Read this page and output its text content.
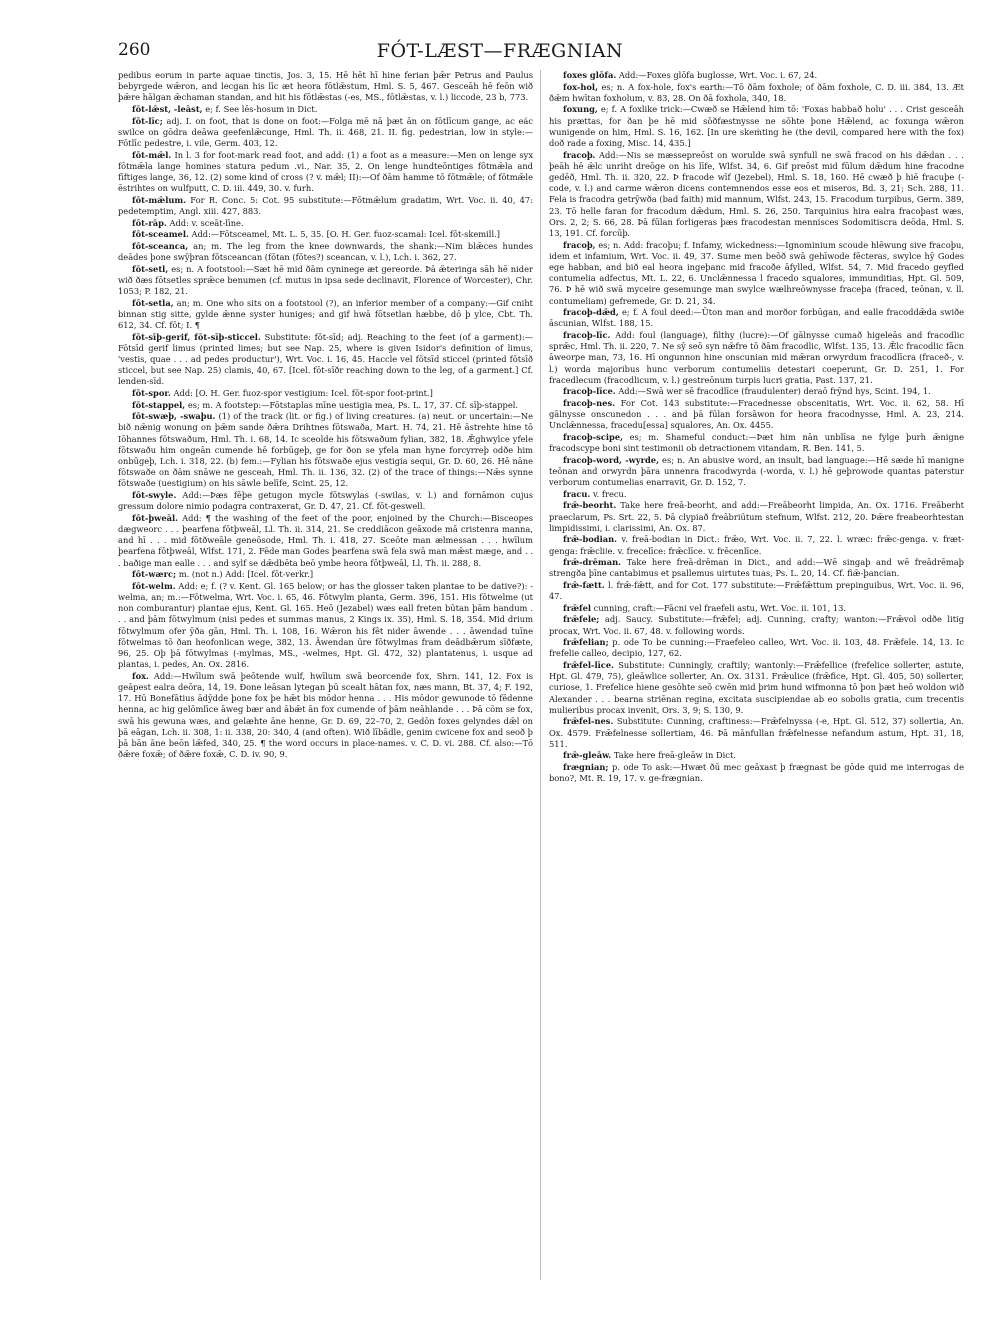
260	FÓT-LÆST—FRÆGNIAN

pedibus eorum in parte aquae tinctis, Jos. 3, 15. Hē hēt hī hine ferian þǣr Petrus and Paulus bebyrgede wǣron, and lecgan his līc æt heora fōtlǣstum, Hml. S. 5, 467. Gesceāh hē feōn wið þǣre hālgan ǣchaman standan, and hit his fōtlǣstas (-es, MS., fōtlǣstas, v. l.) liccode, 23 b, 773.

fōt-lǣst, -leāst, e; f. See lēs-hosum in Dict.

fōt-līc; adj. I. on foot, that is done on foot:—Folga mē nā þæt ān on fōtlīcum gange, ac eác swilce on gōdra deāwa geefenlǣcunge, Hml. Th. ii. 468, 21. II. fig. pedestrian, low in style:—Fōtlīc pedestre, i. vile, Germ. 403, 12.

fōt-mǣl. In l. 3 for foot-mark read foot, and add: (1) a foot as a measure:—Men on lenge syx fōtmǣla lange homines statura pedum .vi., Nar. 35, 2. On lenge hundteōntiges fōtmǣla and fīftiges lange, 36, 12. (2) some kind of cross (? v. mǣl; II):—Of ðām hamme tō fōtmǣle; of fōtmǣle ēstrihtes on wulfputt, C. D. iii. 449, 30. v. furh.

fōt-mǣlum. For R. Conc. 5: Cot. 95 substitute:—Fōtmǣlum gradatim, Wrt. Voc. ii. 40, 47: pedetemptim, Angl. xiii. 427, 883.

fōt-rāp. Add: v. sceāt-līne.

fōt-sceamel. Add:—Fōtsceamel, Mt. L. 5, 35. [O. H. Ger. fuoz-scamal: Icel. fōt-skemill.]

fōt-sceanca, an; m. The leg from the knee downwards, the shank:—Nim blǣces hundes deādes þone swȳþran fōtsceancan (fōtan (fōtes?) sceancan, v. l.), Lch. i. 362, 27.

fōt-setl, es; n. A footstool:—Sæt hē mid ðām cyninege æt gereorde. Þā ǣteringa sāh hē nider wið ðæs fōtsetles sprǣce benumen (cf. mutus in ipsa sede declinavit, Florence of Worcester), Chr. 1053; P. 182, 21.

fōt-setla, an; m. One who sits on a footstool (?), an inferior member of a company:—Gif cniht binnan stig sitte, gylde ǣnne syster huniges; and gif hwā fōtsetlan hæbbe, dō þ ylce, Cbt. Th. 612, 34. Cf. fōt; I. ¶

fōt-sīþ-gerif, fōt-sīþ-sticcel. Substitute: fōt-sīd; adj. Reaching to the feet (of a garment):—Fōtsīd gerif limus (printed limes; but see Nap. 25, where is given Isidor's definition of limus, 'vestis, quae . . . ad pedes productur'), Wrt. Voc. i. 16, 45. Haccle vel fōtsīd sticcel (printed fōtsīð sticcel, but see Nap. 25) clamis, 40, 67. [Icel. fōt-sīðr reaching down to the leg, of a garment.] Cf. lenden-sīd.

fōt-spor. Add: [O. H. Ger. fuoz-spor vestigium: Icel. fōt-spor foot-print.]

fōt-stappel, es; m. A footstep:—Fōtstaplas mīne uestigia mea, Ps. L. 17, 37. Cf. sīþ-stappel.

fōt-swæþ, -swaþu. (1) of the track (lit. or fig.) of living creatures. (a) neut. or uncertain:—Ne bið nǣnig wonung on þǣm sande ðǣra Drihtnes fōtswaða, Mart. H. 74, 21. Hē āstrehte hine tō Iōhannes fōtswaðum, Hml. Th. i. 68, 14. Ic sceolde his fōtswaðum fylian, 382, 18. Ǣghwylce yfele fōtswaðu him ongeān cumende hē forbūgeþ, ge for ðon se yfela man hyne forcyrreþ odðe him onbūgeþ, Lch. i. 318, 22. (b) fem.:—Fylian his fōtswaðe ejus vestigia sequi, Gr. D. 60, 26. Hē nāne fōtswaðe on ðām snāwe ne gesceah, Hml. Th. ii. 136, 32. (2) of the trace of things:—Nǣs synne fōtswaðe (uestigium) on his sāwle belīfe, Scint. 25, 12.

fōt-swyle. Add:—Þæs fēþe getugon mycle fōtswylas (-swilas, v. l.) and fornāmon cujus gressum dolore nimio podagra contraxerat, Gr. D. 47, 21. Cf. fōt-geswell.

fōt-þweāl. Add: ¶ the washing of the feet of the poor, enjoined by the Church:—Bisceopes dægweorc . . . þearfena fōtþweāl, Ll. Th. ii. 314, 21. Se creddiācon geāxode mā cristenra manna, and hī . . . mid fōtðweāle geneōsode, Hml. Th. i. 418, 27. Sceōte man ælmessan . . . hwīlum þearfena fōtþweāl, Wlfst. 171, 2. Fēde man Godes þearfena swā fela swā man mǣst mæge, and . . . baðige man ealle . . . and sylf se dǣdbēta beō ymbe heora fōtþweāl, Ll. Th. ii. 288, 8.

fōt-wærc; m. (not n.) Add: [Icel. fōt-verkr.]

fōt-welm. Add: e; f. (? v. Kent. Gl. 165 below; or has the glosser taken plantae to be dative?): -welma, an; m.:—Fōtwelma, Wrt. Voc. i. 65, 46. Fōtwylm planta, Germ. 396, 151. His fōtwelme (ut non comburantur) plantae ejus, Kent. Gl. 165. Heō (Jezabel) wæs eall freten būtan þām handum . . . and þām fōtwylmum (nisi pedes et summas manus, 2 Kings ix. 35), Hml. S. 18, 354. Mid drium fōtwylmum ofer ȳða gān, Hml. Th. i. 108, 16. Wǣron his fēt nider āwende . . . āwendad tuīne fōtwelmas tō ðan heofonlican wege, 382, 13. Āwendan ūre fōtwylmas fram deādbǣrum sīðfæte, 96, 25. Oþ þā fōtwylmas (-mylmas, MS., -welmes, Hpt. Gl. 472, 32) plantatenus, i. usque ad plantas, i. pedes, An. Ox. 2816.

fox. Add:—Hwīlum swā þeōtende wulf, hwīlum swā beorcende fox, Shrn. 141, 12. Fox is geāpest ealra deōra, 14, 19. Ðone leāsan lytegan þū scealt hātan fox, næs mann, Bt. 37, 4; F. 192, 17. Hū Bonefātius ādȳdde þone fox þe hǣt bis mōdor henna . . . His mōdor gewunode tō fēdenne henna, ac hig gelōmlīce āweg bær and ābǣt ān fox cumende of þām neāhlande . . . Þā cōm se fox, swā his gewuna wæs, and gelæhte āne henne, Gr. D. 69, 22–70, 2. Gedōn foxes gelyndes dǣl on þā eāgan, Lch. ii. 308, 1: ii. 338, 20: 340, 4 (and often). Wið lībādle, genim cwicene fox and seoð þ þā bān āne beōn lǣfed, 340, 25. ¶ the word occurs in place-names. v. C. D. vi. 288. Cf. also:—Tō ðǣre foxǣ; of ðǣre foxǣ, C. D. iv. 90, 9.

foxes glōfa. Add:—Foxes glōfa buglosse, Wrt. Voc. i. 67, 24.

fox-hol, es; n. A fox-hole, fox's earth:—Tō ðām foxhole; of ðām foxhole, C. D. iii. 384, 13. Æt ðǣm hwītan foxholum, v. 83, 28. On ðā foxhola, 340, 18.

foxung, e; f. A foxlike trick:—Cwæð se Hǣlend him tō: 'Foxas habbað holu' . . . Crist gesceāh his prættas, for ðan þe hē mid sōðfæstnysse ne sōhte þone Hǣlend, ac foxunga wǣron wunigende on him, Hml. S. 16, 162. [In ure skeṁting he (the devil, compared here with the fox) doð rade a foxing, Misc. 14, 435.]

fracoþ. Add:—Nis se mæssepreōst on worulde swā synfull ne swā fracod on his dǣdan . . . þeāh hē ǣlc unriht dreōge on his līfe, Wlfst. 34, 6. Gif preōst mid fūlum dǣdum hine fracodne gedēð, Hml. Th. ii. 320, 22. Þ fracode wīf (Jezebel), Hml. S. 18, 160. Hē cwæð þ hiē fracuþe (-code, v. l.) and carme wǣron dicens contemnendos esse eos et miseros, Bd. 3, 21; Sch. 288, 11. Fela is fracodra getrȳwða (bad faith) mid mannum, Wlfst. 243, 15. Fracodum turpibus, Germ. 389, 23. Tō helle faran for fracodum dǣdum, Hml. S. 26, 250. Tarquinius hira ealra fracoþast wæs, Ors. 2, 2; S. 66, 28. Þā fūlan forligeras þæs fracodestan mennisces Sodomitiscra deōda, Hml. S. 13, 191. Cf. forcūþ.

fracoþ, es; n. Add: fracoþu; f. Infamy, wickedness:—Ignominium scoude hlēwung sive fracoþu, idem et infamium, Wrt. Voc. ii. 49, 37. Sume men beōð swā gehīwode fēcteras, swylce hȳ Godes ege habban, and bið eal heora ingeþanc mid fracoðe āfylled, Wlfst. 54, 7. Mid fracedo geyfled contumelia adfectus, Mt. L. 22, 6. Unclǣnnessa l fracedo squalores, immunditias, Hpt. Gl. 509, 76. Þ hē wið swā myceire gesemunge man swylce wælhreōwnysse fraceþa (fraced, teōnan, v. ll. contumeliam) gefremede, Gr. D. 21, 34.

fracoþ-dǣd, e; f. A foul deed:—Ūton man and morðor forbūgan, and ealle fracoddǣda swiðe āscunian, Wlfst. 188, 15.

fracoþ-līc. Add: foul (language), filthy (lucre):—Of gālnysse cumað higeleās and fracodlic sprǣc, Hml. Th. ii. 220, 7. Ne sȳ seō syn nǣfre tō ðām fracodlic, Wlfst. 135, 13. Ǣlc fracodlic fācn āweorpe man, 73, 16. Hī ongunnon hine onscunian mid mǣran orwyrdum fracodlīcra (fraceð-, v. l.) worda majoribus hunc verborum contumeliis detestari coeperunt, Gr. D. 251, 1. For fracedlecum (fracodlicum, v. l.) gestreōnum turpis lucri gratia, Past. 137, 21.

fracoþ-līce. Add:—Swā wer sē fracodlīce (fraudulenter) deraō frȳnd hys, Scint. 194, 1.

fracoþ-nes. For Cot. 143 substitute:—Fracednesse obscenitatis, Wrt. Voc. ii. 62, 58. Hī gālnysse onscunedon . . . and þā fūlan forsāwon for heora fracodnysse, Hml. A. 23, 214. Unclǣnnessa, fracedu[essa] squalores, An. Ox. 4455.

fracoþ-scipe, es; m. Shameful conduct:—Þæt him nān unblīsa ne fylge þurh ǣnigne fracodscype boni sint testimonii ob detractionem vitandam, R. Ben. 141, 5.

fracoþ-word, -wyrde, es; n. An abusive word, an insult, bad language:—Hē sæde hī manigne teōnan and orwyrdn þāra unnenra fracodwyrda (-worda, v. l.) hē geþrowode quantas paterstur verborum contumelias enarravit, Gr. D. 152, 7.

fracu. v. frecu.

frǣ-beorht. Take here freā-beorht, and add:—Freābeorht limpida, An. Ox. 1716. Freāberht praeclarum, Ps. Srt. 22, 5. Þā clypiað freābriūtum stefnum, Wlfst. 212, 20. Þǣre freabeorhtestan limpidissimi, i. clarissimi, An. Ox. 87.

frǣ-bodian. v. freā-bodian in Dict.: frǣo, Wrt. Voc. ii. 7, 22. l. wræc: frǣc-genga. v. fræt-genga: frǣcliǀe. v. frecelīce: frǣclīce. v. frēcenlīce.

frǣ-drēman. Take here freā-drēman in Dict., and add:—Wē singaþ and wē freādrēmaþ strengða þīne cantabimus et psallemus uirtutes tuas, Ps. L. 20, 14. Cf. fiǣ-þancian.

frǣ-fætt. l. frǣ-fǣtt, and for Cot. 177 substitute:—Frǣfǣttum prepinguibus, Wrt. Voc. ii. 96, 47.

frǣfel cunning, craft:—Fācni vel fraefeli astu, Wrt. Voc. ii. 101, 13.

frǣfele; adj. Saucy. Substitute:—frǣfel; adj. Cunning, crafty; wanton:—Frǣvol odðe litig procax, Wrt. Voc. ii. 67, 48. v. following words.

frǣfelian; p. ode To be cunning:—Fraefeleo calleo, Wrt. Voc. ii. 103, 48. Frǣfele. 14, 13. Ic frefelie calleo, decipio, 127, 62.

frǣfel-līce. Substitute: Cunningly, craftily; wantonly:—Frǣfellice (frefelice sollerter, astute, Hpt. Gl. 479, 75), gleāwlice sollerter, An. Ox. 3131. Frǣulice (frǣfice, Hpt. Gl. 405, 50) sollerter, curiose, 1. Frefelice hiene gesōhte seō cwēn mid þrim hund wifmonna tō þon þæt heō woldon wið Alexander . . . bearna striēnan regina, excitata suscipiendae ab eo sobolis gratia, cum trecentis mulieribus procax invenit, Ors. 3, 9; S. 130, 9.

frǣfel-nes. Substitute: Cunning, craftiness:—Frǣfelnyssa (-e, Hpt. Gl. 512, 37) sollertia, An. Ox. 4579. Frǣfelnesse sollertiam, 46. Þā mānfullan frǣfelnesse nefandum astum, Hpt. 31, 18, 511.

frǣ-gleāw. Take here freā-gleāw in Dict.

frægnian; p. ode To ask:—Hwæt ðū mec geāxast þ frægnast be gōde quid me interrogas de bono?, Mt. R. 19, 17. v. ge-frægnian.
